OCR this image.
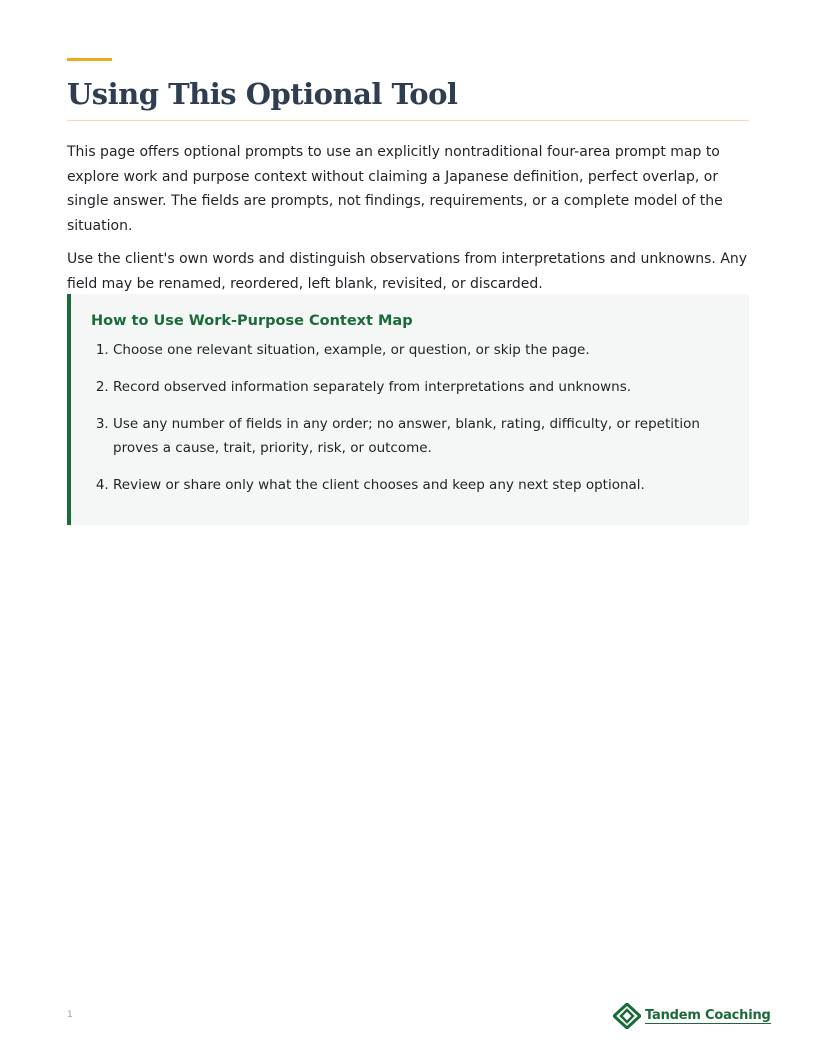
Using This Optional Tool

This page offers optional prompts to use an explicitly nontraditional four-area prompt map to explore work and purpose context without claiming a Japanese definition, perfect overlap, or single answer. The fields are prompts, not findings, requirements, or a complete model of the situation.

Use the client's own words and distinguish observations from interpretations and unknowns. Any field may be renamed, reordered, left blank, revisited, or discarded.

How to Use Work-Purpose Context Map
1. Choose one relevant situation, example, or question, or skip the page.
2. Record observed information separately from interpretations and unknowns.
3. Use any number of fields in any order; no answer, blank, rating, difficulty, or repetition proves a cause, trait, priority, risk, or outcome.
4. Review or share only what the client chooses and keep any next step optional.
1	Tandem Coaching
